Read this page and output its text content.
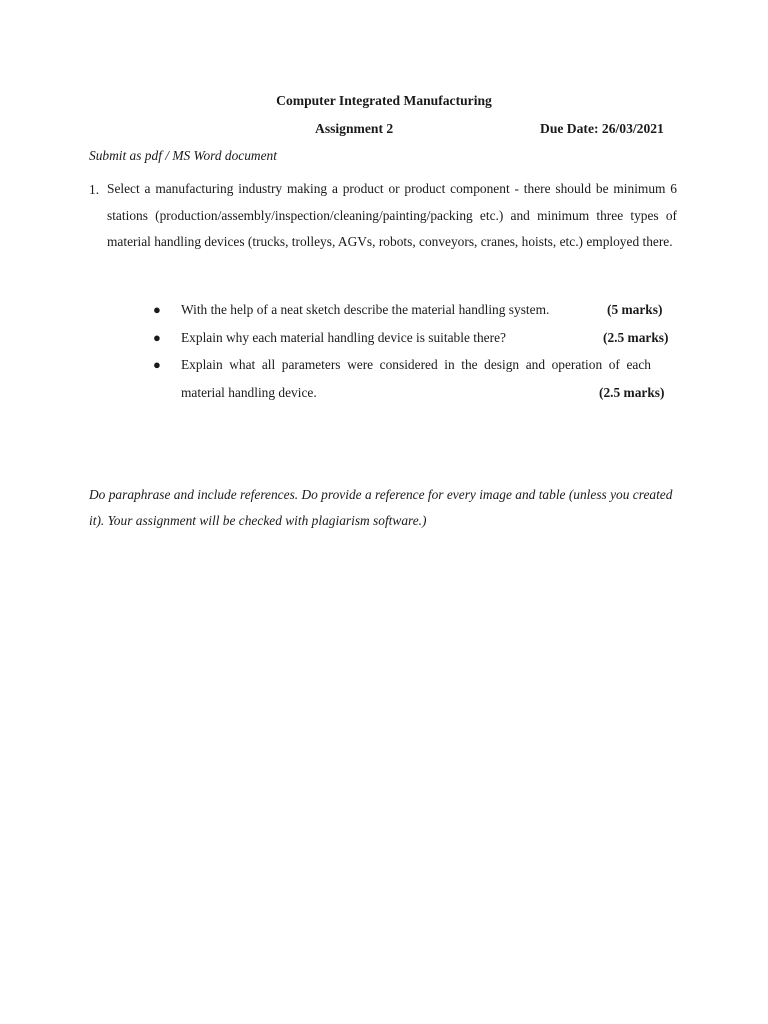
Computer Integrated Manufacturing
Assignment 2	Due Date: 26/03/2021
Submit as pdf / MS Word document
1. Select a manufacturing industry making a product or product component - there should be minimum 6 stations (production/assembly/inspection/cleaning/painting/packing etc.) and minimum three types of material handling devices (trucks, trolleys, AGVs, robots, conveyors, cranes, hoists, etc.) employed there.
● With the help of a neat sketch describe the material handling system.	(5 marks)
● Explain why each material handling device is suitable there?	(2.5 marks)
● Explain what all parameters were considered in the design and operation of each material handling device.	(2.5 marks)
Do paraphrase and include references. Do provide a reference for every image and table (unless you created it). Your assignment will be checked with plagiarism software.)
